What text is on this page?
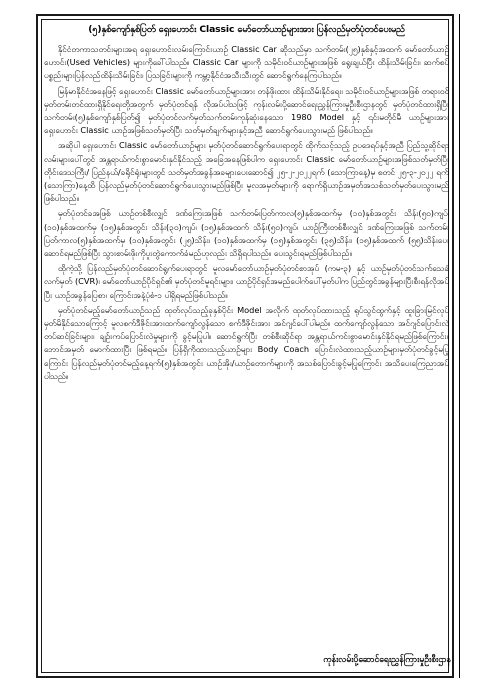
(၅)နှစ်ကျော်နှစ်ပြတ် ရှေးဟောင်း Classic မော်တော်ယာဉ်များအား ပြန်လည်မှတ်ပုံတင်ပေးမည်

နိုင်ငံတကာသတင်းများအရ ရှေးဟောင်းလမ်းကြောင်းယာဉ် Classic Car ဆိုသည်မှာ သက်တမ်း(၂၅)နှစ်နှင့်အထက် မော်တော်ယာဉ်ဟောင်း(Used Vehicles) များကိုခေါ်ပါသည်။ Classic Car များကို သမိုင်းဝင်ယာဉ်များအဖြစ် ရွေးချယ်ပြီး ထိန်းသိမ်းခြင်း၊ ဆက်စပ်ပစ္စည်းများပြန်လည်ထိန်းသိမ်းခြင်း၊ ပြသခြင်းများကို ကမ္ဘာ့နိုင်ငံအသီးသီးတွင် ဆောင်ရွက်နေကြပါသည်။

မြန်မာနိုင်ငံအနေဖြင့် ရှေးဟောင်း Classic မော်တော်ယာဉ်များအား တန်ဖိုးထား ထိန်းသိမ်းနိုင်ရေး၊ သမိုင်းဝင်ယာဉ်များအဖြစ် တရားဝင်မှတ်တမ်းတင်ထားရှိနိုင်ရေးတို့အတွက် မှတ်ပုံတင်ရန် လိုအပ်ပါသဖြင့် ကုန်းလမ်းပို့ဆောင်ရေးညွှန်ကြားမှုဦးစီးဌာနတွင် မှတ်ပုံတင်ထားရှိပြီး သက်တမ်း(၅)နှစ်ကျော်နှစ်ပြတ်၍ မှတ်ပုံတင်လက်မှတ်သက်တမ်းကုန်ဆုံးနေသော 1980 Model နှင့် ၎င်းမတိုင်မီ ယာဉ်များအား ရှေးဟောင်း Classic ယာဉ်အဖြစ်သတ်မှတ်ပြီး သတ်မှတ်ချက်များနှင့်အညီ ဆောင်ရွက်ပေးသွားမည် ဖြစ်ပါသည်။

အဆိုပါ ရှေးဟောင်း Classic မော်တော်ယာဉ်များ မှတ်ပုံတင်ဆောင်ရွက်ပေးရာတွင် ထိုက်သင့်သည့် ဥပဒေရပ်နှင့်အညီ ပြည်သူ့ဆိုင်ရာ လမ်းများပေါ်တွင် အန္တရာယ်ကင်းစွာမောင်းနှင်နိုင်သည့် အခြေအနေဖြစ်ပါက ရှေးဟောင်း Classic မော်တော်ယာဉ်များအဖြစ်သတ်မှတ်ပြီး တိုင်းဒေသကြီး/ ပြည်နယ်/ခရိုင်ရုံးများတွင် သတ်မှတ်အခွန်အခများပေးဆောင်၍ ၂၅-၂-၂၀၂၂ရက် (သောကြာနေ့)မှ စတင် ၂၅-၃-၂၀၂၂ ရက် (သောကြာ)နေ့ထိ ပြန်လည်မှတ်ပုံတင်ဆောင်ရွက်ပေးသွားမည်ဖြစ်ပြီး မူလအမှတ်များကို ရောက်ရှိယာဉ်အမှတ်အသစ်သတ်မှတ်ပေးသွားမည်ဖြစ်ပါသည်။

မှတ်ပုံတင်ခအဖြစ် ယာဉ်တစ်စီးလျှင် ဒဏ်ကြေးအဖြစ် သက်တမ်းပြတ်ကာလ(၅)နှစ်အထက်မှ (၁၀)နှစ်အတွင်း သိန်း(၅၀)ကျပ်၊ (၁၀)နှစ်အထက်မှ (၁၅)နှစ်အတွင်း သိန်း(၃၀)ကျပ်၊ (၁၅)နှစ်အထက် သိန်း(၅၀)ကျပ်၊ ယာဉ်ကြီးတစ်စီးလျှင် ဒဏ်ကြေးအဖြစ် သက်တမ်းပြတ်ကာလ(၅)နှစ်အထက်မှ (၁၀)နှစ်အတွင်း (၂၅)သိန်း၊ (၁၀)နှစ်အထက်မှ (၁၅)နှစ်အတွင်း (၃၅)သိန်း၊ (၁၅)နှစ်အထက် (၅၅)သိန်းပေးဆောင်ရမည်ဖြစ်ပြီး သွားစာမ်းဖိုးကိုပူးတွဲကောက်ခံမည်ဟုလည်း သိရှိရပါသည်။ ပေးသွင်းရမည်ဖြစ်ပါသည်။

ထိုကဲ့သို့ ပြန်လည်မှတ်ပုံတင်ဆောင်ရွက်ပေးရာတွင် မူလမော်တော်ယာဉ်မှတ်ပုံတင်စာအုပ် (ကမ-၃) နှင့် ယာဉ်မှတ်ပုံတင်သက်သေခံလက်မှတ် (CVR)၊ မော်တော်ယာဉ်ပိုင်ရှင်၏ မှတ်ပုံတင်မူရင်းများ၊ ယာဉ်ပိုင်ရှင်အမည်ပေါက်ပေါ်မှတ်ပါက ပြည်တွင်အခွန်များပြီးစီးရန်လိုအပ်ပြီး ယာဉ်အခွန်ပြေစာ၊ ကြောင်းအနဲ့ပုံစံ-၁ ပါရှိရမည်ဖြစ်ပါသည်။

မှတ်ပုံတင်မည့်မော်တော်ယာဉ်သည် ထုတ်လုပ်သည့်ခုနှစ်ပိုင်း Model အလိုက် ထုတ်လုပ်ထားသည့် ရုပ်သွင်ထွက်နှင့် ထူးခြားမြင်လုပ်မှတ်မိနိုင်သောကြောင့် မူလစက်ဒီဇိုင်းအားထက်ကျော်လွန်သော စက်ဒီဇိုင်းအား အင်ဂျင်ပေါ်ပါမည်။ ထက်ကျော်လွန်သော အင်ဂျင်ပြောင်းလဲတပ်ဆင်ခြင်းများ၊ ချဉ်းကပ်ပြောင်းလဲမှုများကို ခွင့်မပြုပါ။ ဆောင်ရွက်ပြီး တစ်စီးဆိုင်ရာ အန္တရာယ်ကင်းစွာမောင်းနှင်နိုင်ရမည်ဖြစ်ကြောင်း။ ဘောင်အမှတ် မောက်ထားပြီး ဖြစ်ရမည်။ ပြန်ရှိကိုထားသည့်ယာဉ်များ Body Coach ပြောင်းလဲထားသည့်ယာဉ်များမှတ်ပုံတင်ခွင့်မပြုကြောင်း ပြန်လည်မှတ်ပုံတင်မည့်နေ့ရက်(၅)နှစ်အတွင်း ယာဉ်အိုး/ယာဉ်တောက်များကို အသစ်ပြောင်းခွင့်မပြုကြောင်း အသိပေးကြေညာအပ်ပါသည်။

ကုန်းလမ်းပို့ဆောင်ရေးညွှန်ကြားမှုဦးစီးဌာန
